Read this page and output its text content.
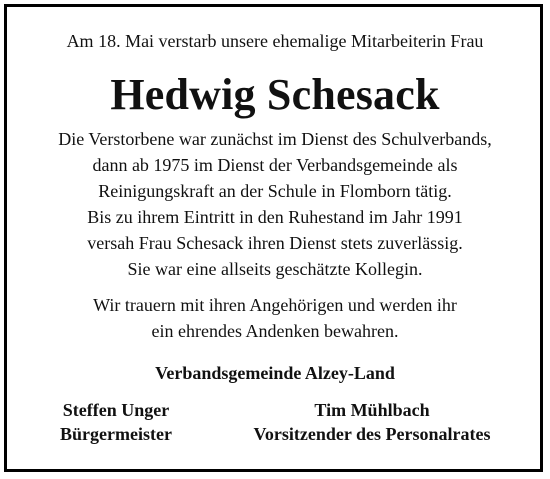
Am 18. Mai verstarb unsere ehemalige Mitarbeiterin Frau
Hedwig Schesack
Die Verstorbene war zunächst im Dienst des Schulverbands,
dann ab 1975 im Dienst der Verbandsgemeinde als
Reinigungskraft an der Schule in Flomborn tätig.
Bis zu ihrem Eintritt in den Ruhestand im Jahr 1991
versah Frau Schesack ihren Dienst stets zuverlässig.
Sie war eine allseits geschätzte Kollegin.
Wir trauern mit ihren Angehörigen und werden ihr
ein ehrendes Andenken bewahren.
Verbandsgemeinde Alzey-Land
Steffen Unger
Bürgermeister
Tim Mühlbach
Vorsitzender des Personalrates
